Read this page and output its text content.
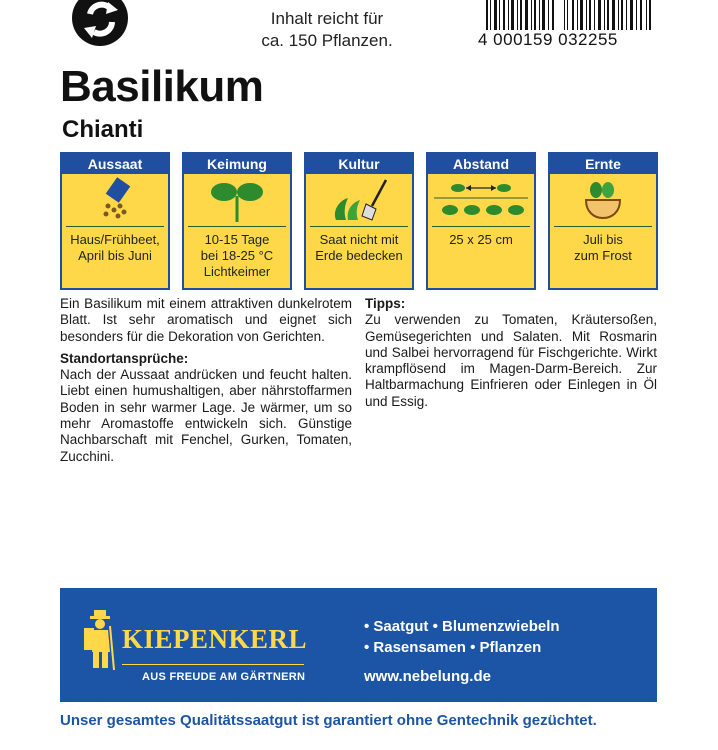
Inhalt reicht für
ca. 150 Pflanzen.	4 000159 032255
Basilikum
Chianti
Aussaat
Haus/Frühbeet,
April bis Juni
Keimung
10-15 Tage
bei 18-25 °C
Lichtkeimer
Kultur
Saat nicht mit
Erde bedecken
Abstand
25 x 25 cm
Ernte
Juli bis
zum Frost
Ein Basilikum mit einem attraktiven dunkelrotem Blatt. Ist sehr aromatisch und eignet sich besonders für die Dekoration von Gerichten.
Standortansprüche:
Nach der Aussaat andrücken und feucht halten. Liebt einen humushaltigen, aber nährstoffarmen Boden in sehr warmer Lage. Je wärmer, um so mehr Aromastoffe entwickeln sich. Günstige Nachbarschaft mit Fenchel, Gurken, Tomaten, Zucchini.
Tipps:
Zu verwenden zu Tomaten, Kräutersoßen, Gemüsegerichten und Salaten. Mit Rosmarin und Salbei hervorragend für Fischgerichte. Wirkt krampflösend im Magen-Darm-Bereich. Zur Haltbarmachung Einfrieren oder Einlegen in Öl und Essig.
KIEPENKERL
AUS FREUDE AM GÄRTNERN
• Saatgut • Blumenzwiebeln
• Rasensamen • Pflanzen
www.nebelung.de
Unser gesamtes Qualitätssaatgut ist garantiert ohne Gentechnik gezüchtet.
